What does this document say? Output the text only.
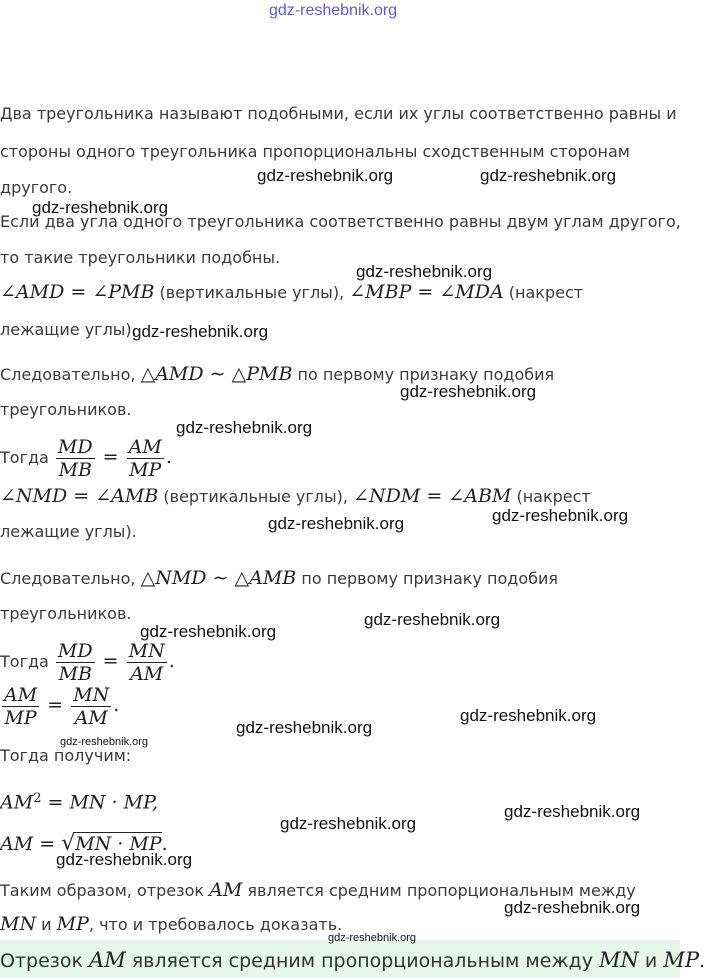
gdz-reshebnik.org
Два треугольника называют подобными, если их углы соответственно равны и
стороны одного треугольника пропорциональны сходственным сторонам
другого.
Если два угла одного треугольника соответственно равны двум углам другого,
то такие треугольники подобны.
∠AMD = ∠PMB (вертикальные углы), ∠MBP = ∠MDA (накрест
лежащие углы).
Следовательно, △AMD ∼ △PMB по первому признаку подобия
треугольников.
Тогда $\frac{MD}{MB} = \frac{AM}{MP}$ .
∠NMD = ∠AMB (вертикальные углы), ∠NDM = ∠ABM (накрест
лежащие углы).
Следовательно, △NMD ∼ △AMB по первому признаку подобия
треугольников.
Тогда $\frac{MD}{MB} = \frac{MN}{AM}$ .
$\frac{AM}{MP} = \frac{MN}{AM}$ .
Тогда получим:
$AM^2$ = MN · MP,
AM = √MN · MP.
Таким образом, отрезок AM является средним пропорциональным между
MN и MP, что и требовалось доказать.
Отрезок AM является средним пропорциональным между MN и MP.
gdz-reshebnik.org	gdz-reshebnik.org
gdz-reshebnik.org
gdz-reshebnik.org
gdz-reshebnik.org
gdz-reshebnik.org
gdz-reshebnik.org
gdz-reshebnik.org
gdz-reshebnik.org
gdz-reshebnik.org
gdz-reshebnik.org
gdz-reshebnik.org
gdz-reshebnik.org
gdz-reshebnik.org
gdz-reshebnik.org
gdz-reshebnik.org
gdz-reshebnik.org
gdz-reshebnik.org
gdz-reshebnik.org
